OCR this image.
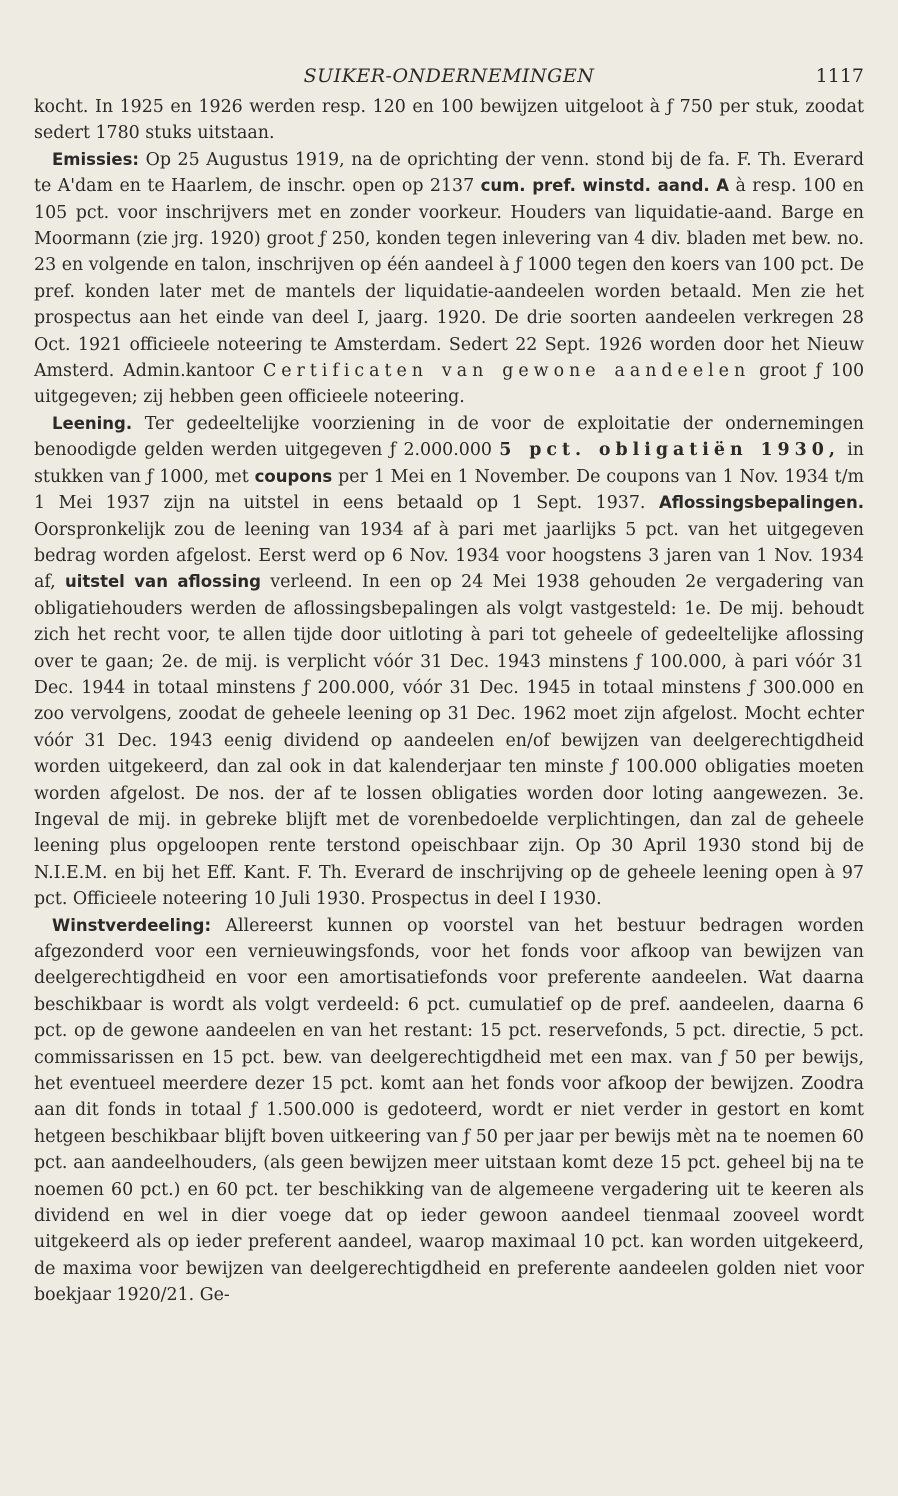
SUIKER-ONDERNEMINGEN	1117

kocht. In 1925 en 1926 werden resp. 120 en 100 bewijzen uitgeloot à ƒ 750 per stuk, zoodat sedert 1780 stuks uitstaan.

Emissies: Op 25 Augustus 1919, na de oprichting der venn. stond bij de fa. F. Th. Everard te A'dam en te Haarlem, de inschr. open op 2137 cum. pref. winstd. aand. A à resp. 100 en 105 pct. voor inschrijvers met en zonder voorkeur. Houders van liquidatie-aand. Barge en Moormann (zie jrg. 1920) groot ƒ 250, konden tegen inlevering van 4 div. bladen met bew. no. 23 en volgende en talon, inschrijven op één aandeel à ƒ 1000 tegen den koers van 100 pct. De pref. konden later met de mantels der liquidatie-aandeelen worden betaald. Men zie het prospectus aan het einde van deel I, jaarg. 1920. De drie soorten aandeelen verkregen 28 Oct. 1921 officieele noteering te Amsterdam. Sedert 22 Sept. 1926 worden door het Nieuw Amsterd. Admin.kantoor Certificaten van gewone aandeelen groot ƒ 100 uitgegeven; zij hebben geen officieele noteering.

Leening. Ter gedeeltelijke voorziening in de voor de exploitatie der ondernemingen benoodigde gelden werden uitgegeven ƒ 2.000.000 5 pct. obligatiën 1930, in stukken van ƒ 1000, met coupons per 1 Mei en 1 November. De coupons van 1 Nov. 1934 t/m 1 Mei 1937 zijn na uitstel in eens betaald op 1 Sept. 1937. Aflossingsbepalingen. Oorspronkelijk zou de leening van 1934 af à pari met jaarlijks 5 pct. van het uitgegeven bedrag worden afgelost. Eerst werd op 6 Nov. 1934 voor hoogstens 3 jaren van 1 Nov. 1934 af, uitstel van aflossing verleend. In een op 24 Mei 1938 gehouden 2e vergadering van obligatiehouders werden de aflossingsbepalingen als volgt vastgesteld: 1e. De mij. behoudt zich het recht voor, te allen tijde door uitloting à pari tot geheele of gedeeltelijke aflossing over te gaan; 2e. de mij. is verplicht vóór 31 Dec. 1943 minstens ƒ 100.000, à pari vóór 31 Dec. 1944 in totaal minstens ƒ 200.000, vóór 31 Dec. 1945 in totaal minstens ƒ 300.000 en zoo vervolgens, zoodat de geheele leening op 31 Dec. 1962 moet zijn afgelost. Mocht echter vóór 31 Dec. 1943 eenig dividend op aandeelen en/of bewijzen van deelgerechtigdheid worden uitgekeerd, dan zal ook in dat kalenderjaar ten minste ƒ 100.000 obligaties moeten worden afgelost. De nos. der af te lossen obligaties worden door loting aangewezen. 3e. Ingeval de mij. in gebreke blijft met de vorenbedoelde verplichtingen, dan zal de geheele leening plus opgeloopen rente terstond opeischbaar zijn. Op 30 April 1930 stond bij de N.I.E.M. en bij het Eff. Kant. F. Th. Everard de inschrijving op de geheele leening open à 97 pct. Officieele noteering 10 Juli 1930. Prospectus in deel I 1930.

Winstverdeeling: Allereerst kunnen op voorstel van het bestuur bedragen worden afgezonderd voor een vernieuwingsfonds, voor het fonds voor afkoop van bewijzen van deelgerechtigdheid en voor een amortisatiefonds voor preferente aandeelen. Wat daarna beschikbaar is wordt als volgt verdeeld: 6 pct. cumulatief op de pref. aandeelen, daarna 6 pct. op de gewone aandeelen en van het restant: 15 pct. reservefonds, 5 pct. directie, 5 pct. commissarissen en 15 pct. bew. van deelgerechtigdheid met een max. van ƒ 50 per bewijs, het eventueel meerdere dezer 15 pct. komt aan het fonds voor afkoop der bewijzen. Zoodra aan dit fonds in totaal ƒ 1.500.000 is gedoteerd, wordt er niet verder in gestort en komt hetgeen beschikbaar blijft boven uitkeering van ƒ 50 per jaar per bewijs mèt na te noemen 60 pct. aan aandeelhouders, (als geen bewijzen meer uitstaan komt deze 15 pct. geheel bij na te noemen 60 pct.) en 60 pct. ter beschikking van de algemeene vergadering uit te keeren als dividend en wel in dier voege dat op ieder gewoon aandeel tienmaal zooveel wordt uitgekeerd als op ieder preferent aandeel, waarop maximaal 10 pct. kan worden uitgekeerd, de maxima voor bewijzen van deelgerechtigdheid en preferente aandeelen golden niet voor boekjaar 1920/21. Ge-
